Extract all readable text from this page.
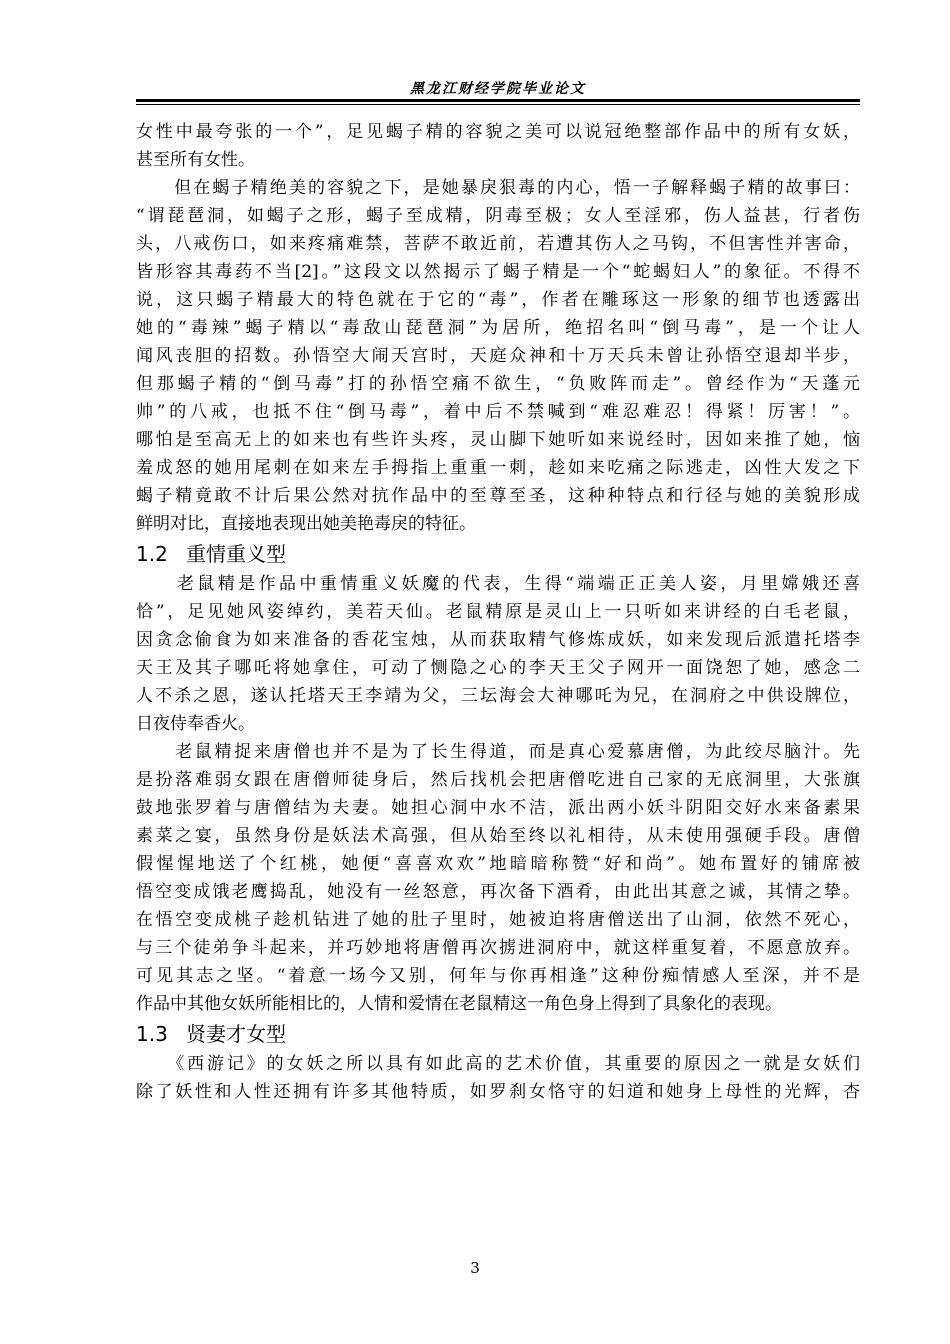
黑龙江财经学院毕业论文
女性中最夸张的一个”，足见蝎子精的容貌之美可以说冠绝整部作品中的所有女妖，
甚至所有女性。
　　但在蝎子精绝美的容貌之下，是她暴戾狠毒的内心，悟一子解释蝎子精的故事曰：
“谓琵琶洞，如蝎子之形，蝎子至成精，阴毒至极；女人至淫邪，伤人益甚，行者伤
头，八戒伤口，如来疼痛难禁，菩萨不敢近前，若遭其伤人之马钩，不但害性并害命，
皆形容其毒药不当[2]。”这段文以然揭示了蝎子精是一个“蛇蝎妇人”的象征。不得不
说，这只蝎子精最大的特色就在于它的“毒”，作者在雕琢这一形象的细节也透露出
她的“毒辣”蝎子精以“毒敌山琵琶洞”为居所，绝招名叫“倒马毒”，是一个让人
闻风丧胆的招数。孙悟空大闹天宫时，天庭众神和十万天兵未曾让孙悟空退却半步，
但那蝎子精的“倒马毒”打的孙悟空痛不欲生，“负败阵而走”。曾经作为“天蓬元
帅”的八戒，也抵不住“倒马毒”，着中后不禁喊到“难忍难忍！得紧！厉害！”。
哪怕是至高无上的如来也有些许头疼，灵山脚下她听如来说经时，因如来推了她，恼
羞成怒的她用尾刺在如来左手拇指上重重一刺，趁如来吃痛之际逃走，凶性大发之下
蝎子精竟敢不计后果公然对抗作品中的至尊至圣，这种种特点和行径与她的美貌形成
鲜明对比，直接地表现出她美艳毒戾的特征。
1.2 重情重义型
　　老鼠精是作品中重情重义妖魔的代表，生得“端端正正美人姿，月里嫦娥还喜
恰”，足见她风姿绰约，美若天仙。老鼠精原是灵山上一只听如来讲经的白毛老鼠，
因贪念偷食为如来准备的香花宝烛，从而获取精气修炼成妖，如来发现后派遣托塔李
天王及其子哪吒将她拿住，可动了恻隐之心的李天王父子网开一面饶恕了她，感念二
人不杀之恩，遂认托塔天王李靖为父，三坛海会大神哪吒为兄，在洞府之中供设牌位，
日夜侍奉香火。
　　老鼠精捉来唐僧也并不是为了长生得道，而是真心爱慕唐僧，为此绞尽脑汁。先
是扮落难弱女跟在唐僧师徒身后，然后找机会把唐僧吃进自己家的无底洞里，大张旗
鼓地张罗着与唐僧结为夫妻。她担心洞中水不洁，派出两小妖斗阴阳交好水来备素果
素菜之宴，虽然身份是妖法术高强，但从始至终以礼相待，从未使用强硬手段。唐僧
假惺惺地送了个红桃，她便“喜喜欢欢”地暗暗称赞“好和尚”。她布置好的铺席被
悟空变成饿老鹰捣乱，她没有一丝怒意，再次备下酒肴，由此出其意之诚，其情之挚。
在悟空变成桃子趁机钻进了她的肚子里时，她被迫将唐僧送出了山洞，依然不死心，
与三个徒弟争斗起来，并巧妙地将唐僧再次掳进洞府中，就这样重复着，不愿意放弃。
可见其志之坚。“着意一场今又别，何年与你再相逢”这种份痴情感人至深，并不是
作品中其他女妖所能相比的，人情和爱情在老鼠精这一角色身上得到了具象化的表现。
1.3 贤妻才女型
　　《西游记》的女妖之所以具有如此高的艺术价值，其重要的原因之一就是女妖们
除了妖性和人性还拥有许多其他特质，如罗刹女恪守的妇道和她身上母性的光辉，杏
3
